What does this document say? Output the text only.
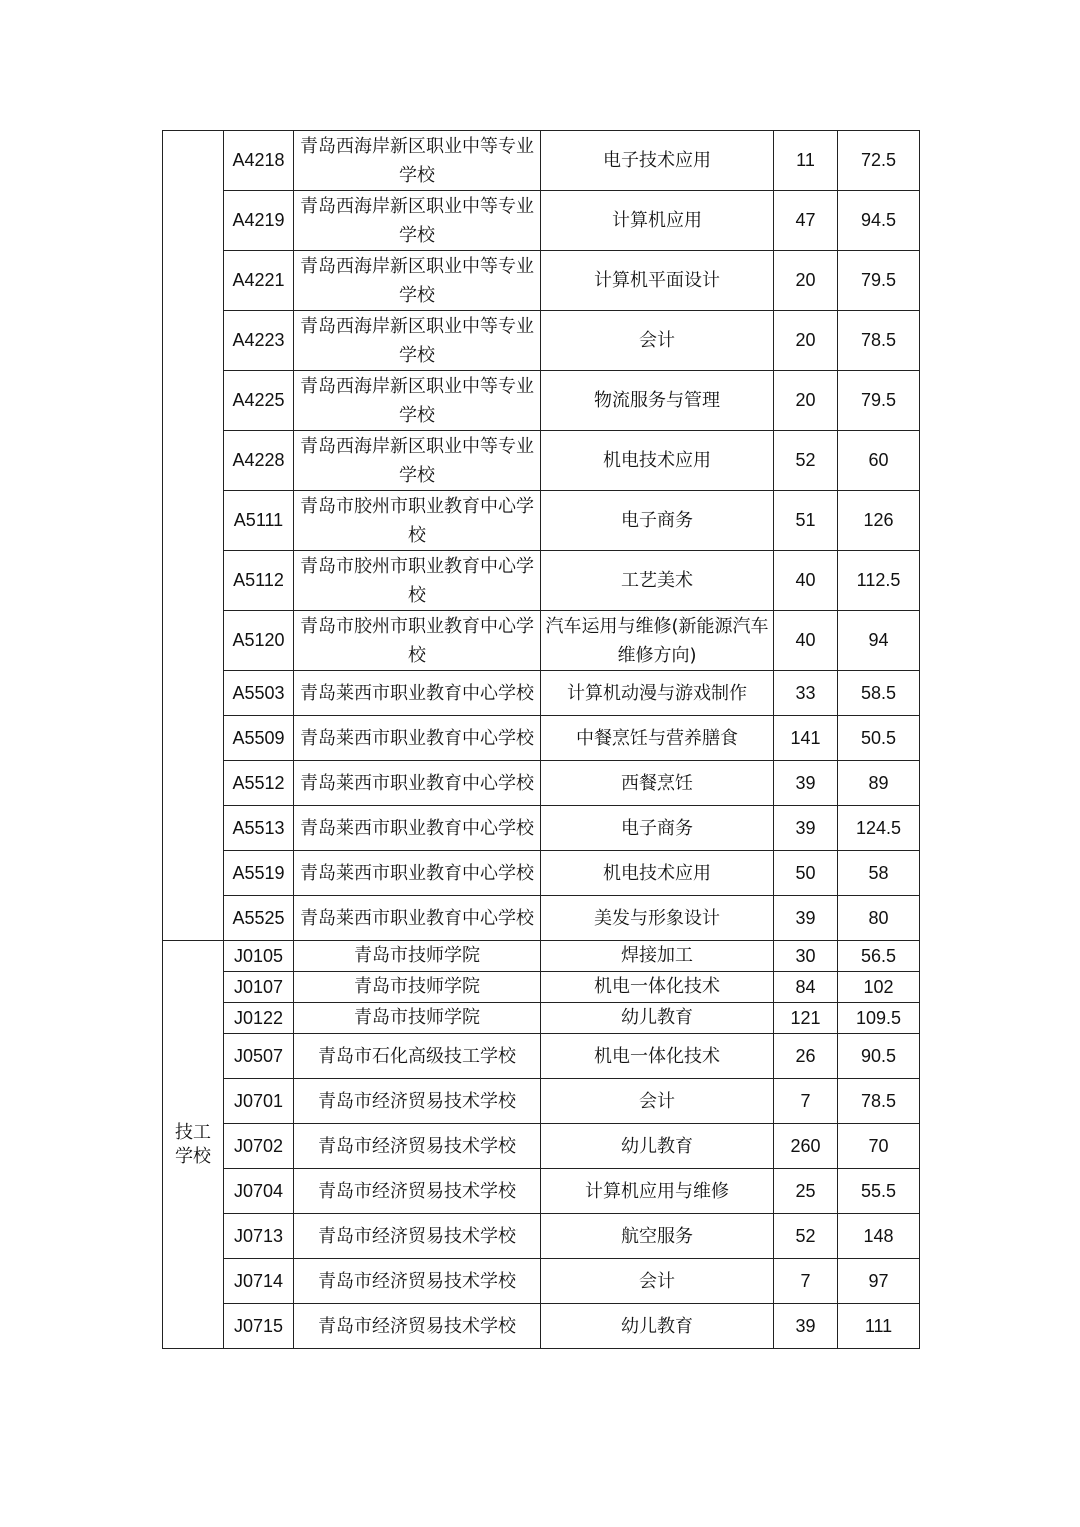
	A4218	青岛西海岸新区职业中等专业学校	电子技术应用	11	72.5
	A4219	青岛西海岸新区职业中等专业学校	计算机应用	47	94.5
	A4221	青岛西海岸新区职业中等专业学校	计算机平面设计	20	79.5
	A4223	青岛西海岸新区职业中等专业学校	会计	20	78.5
	A4225	青岛西海岸新区职业中等专业学校	物流服务与管理	20	79.5
	A4228	青岛西海岸新区职业中等专业学校	机电技术应用	52	60
	A5111	青岛市胶州市职业教育中心学校	电子商务	51	126
	A5112	青岛市胶州市职业教育中心学校	工艺美术	40	112.5
	A5120	青岛市胶州市职业教育中心学校	汽车运用与维修(新能源汽车维修方向)	40	94
	A5503	青岛莱西市职业教育中心学校	计算机动漫与游戏制作	33	58.5
	A5509	青岛莱西市职业教育中心学校	中餐烹饪与营养膳食	141	50.5
	A5512	青岛莱西市职业教育中心学校	西餐烹饪	39	89
	A5513	青岛莱西市职业教育中心学校	电子商务	39	124.5
	A5519	青岛莱西市职业教育中心学校	机电技术应用	50	58
	A5525	青岛莱西市职业教育中心学校	美发与形象设计	39	80
技工学校	J0105	青岛市技师学院	焊接加工	30	56.5
	J0107	青岛市技师学院	机电一体化技术	84	102
	J0122	青岛市技师学院	幼儿教育	121	109.5
	J0507	青岛市石化高级技工学校	机电一体化技术	26	90.5
	J0701	青岛市经济贸易技术学校	会计	7	78.5
	J0702	青岛市经济贸易技术学校	幼儿教育	260	70
	J0704	青岛市经济贸易技术学校	计算机应用与维修	25	55.5
	J0713	青岛市经济贸易技术学校	航空服务	52	148
	J0714	青岛市经济贸易技术学校	会计	7	97
	J0715	青岛市经济贸易技术学校	幼儿教育	39	111
